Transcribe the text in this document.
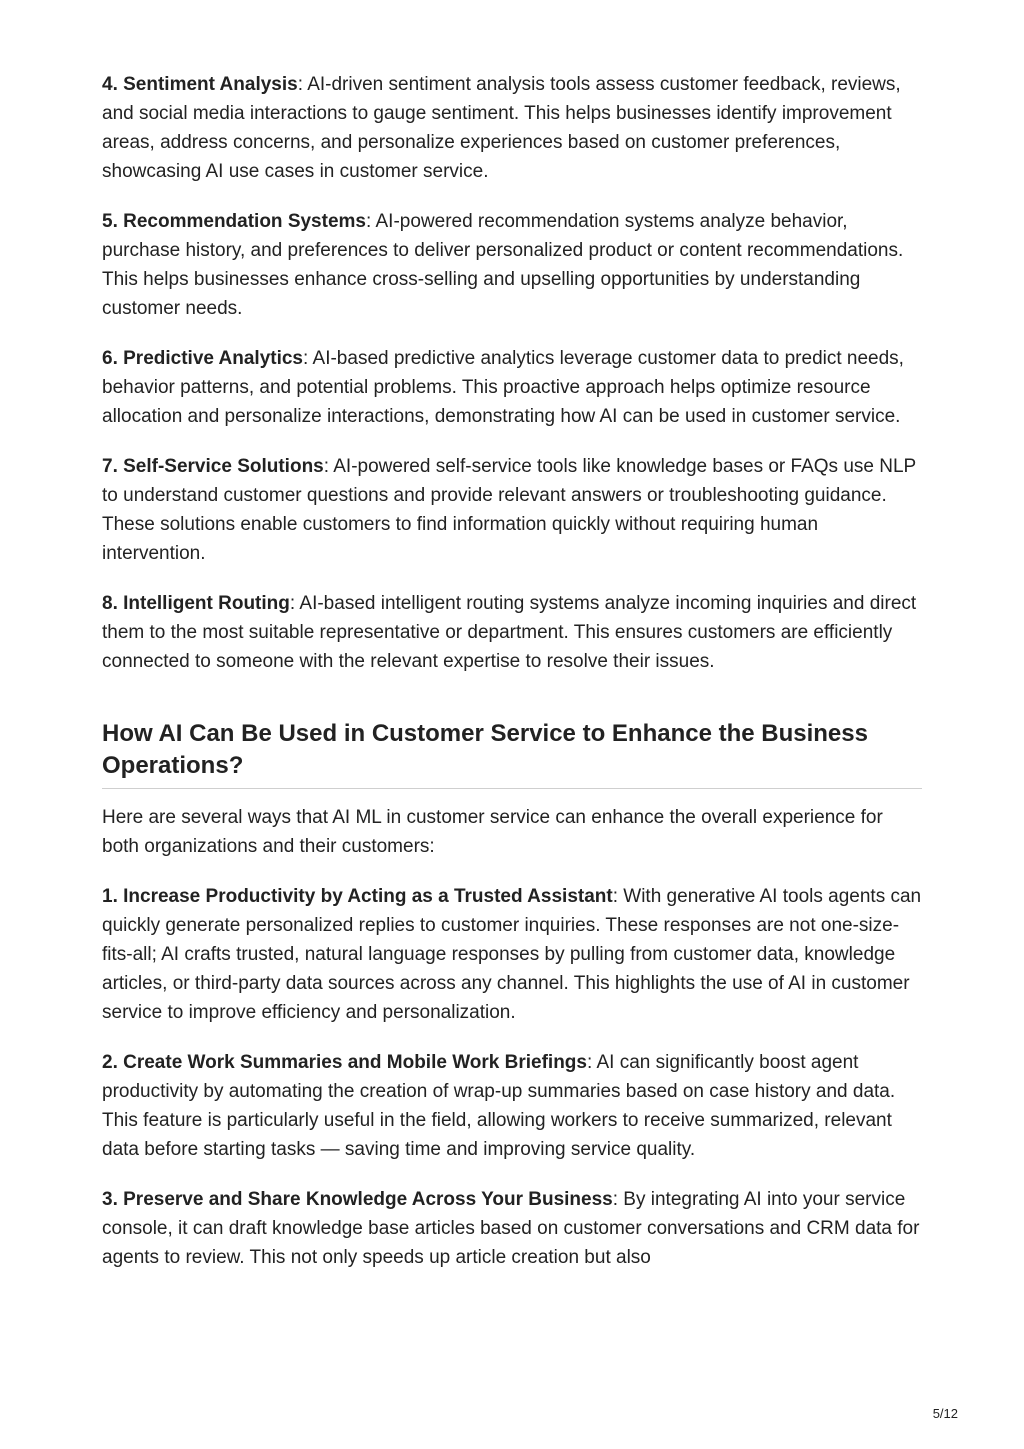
4. Sentiment Analysis: AI-driven sentiment analysis tools assess customer feedback, reviews, and social media interactions to gauge sentiment. This helps businesses identify improvement areas, address concerns, and personalize experiences based on customer preferences, showcasing AI use cases in customer service.

5. Recommendation Systems: AI-powered recommendation systems analyze behavior, purchase history, and preferences to deliver personalized product or content recommendations. This helps businesses enhance cross-selling and upselling opportunities by understanding customer needs.

6. Predictive Analytics: AI-based predictive analytics leverage customer data to predict needs, behavior patterns, and potential problems. This proactive approach helps optimize resource allocation and personalize interactions, demonstrating how AI can be used in customer service.

7. Self-Service Solutions: AI-powered self-service tools like knowledge bases or FAQs use NLP to understand customer questions and provide relevant answers or troubleshooting guidance. These solutions enable customers to find information quickly without requiring human intervention.

8. Intelligent Routing: AI-based intelligent routing systems analyze incoming inquiries and direct them to the most suitable representative or department. This ensures customers are efficiently connected to someone with the relevant expertise to resolve their issues.

How AI Can Be Used in Customer Service to Enhance the Business Operations?

Here are several ways that AI ML in customer service can enhance the overall experience for both organizations and their customers:

1. Increase Productivity by Acting as a Trusted Assistant: With generative AI tools agents can quickly generate personalized replies to customer inquiries. These responses are not one-size-fits-all; AI crafts trusted, natural language responses by pulling from customer data, knowledge articles, or third-party data sources across any channel. This highlights the use of AI in customer service to improve efficiency and personalization.

2. Create Work Summaries and Mobile Work Briefings: AI can significantly boost agent productivity by automating the creation of wrap-up summaries based on case history and data. This feature is particularly useful in the field, allowing workers to receive summarized, relevant data before starting tasks — saving time and improving service quality.

3. Preserve and Share Knowledge Across Your Business: By integrating AI into your service console, it can draft knowledge base articles based on customer conversations and CRM data for agents to review. This not only speeds up article creation but also

5/12
